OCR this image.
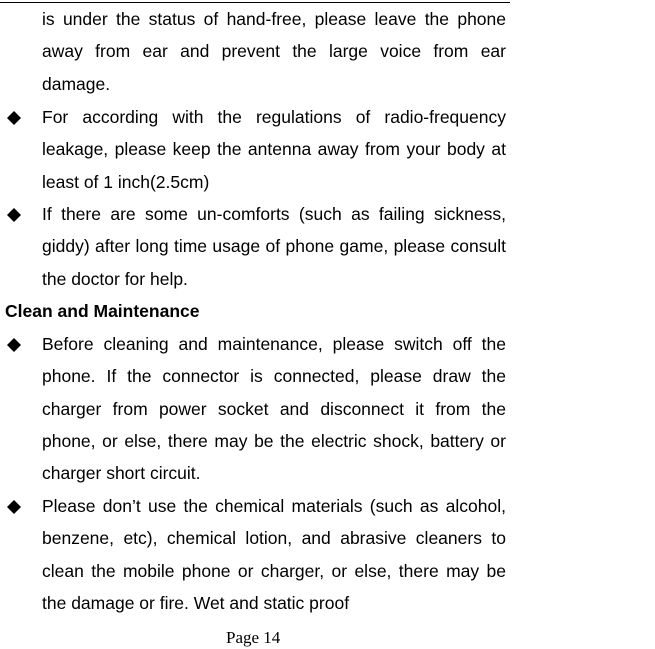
is under the status of hand-free, please leave the phone away from ear and prevent the large voice from ear damage.
For according with the regulations of radio-frequency leakage, please keep the antenna away from your body at least of 1 inch(2.5cm)
If there are some un-comforts (such as failing sickness, giddy) after long time usage of phone game, please consult the doctor for help.
Clean and Maintenance
Before cleaning and maintenance, please switch off the phone. If the connector is connected, please draw the charger from power socket and disconnect it from the phone, or else, there may be the electric shock, battery or charger short circuit.
Please don’t use the chemical materials (such as alcohol, benzene, etc), chemical lotion, and abrasive cleaners to clean the mobile phone or charger, or else, there may be the damage or fire. Wet and static proof
Page 14
